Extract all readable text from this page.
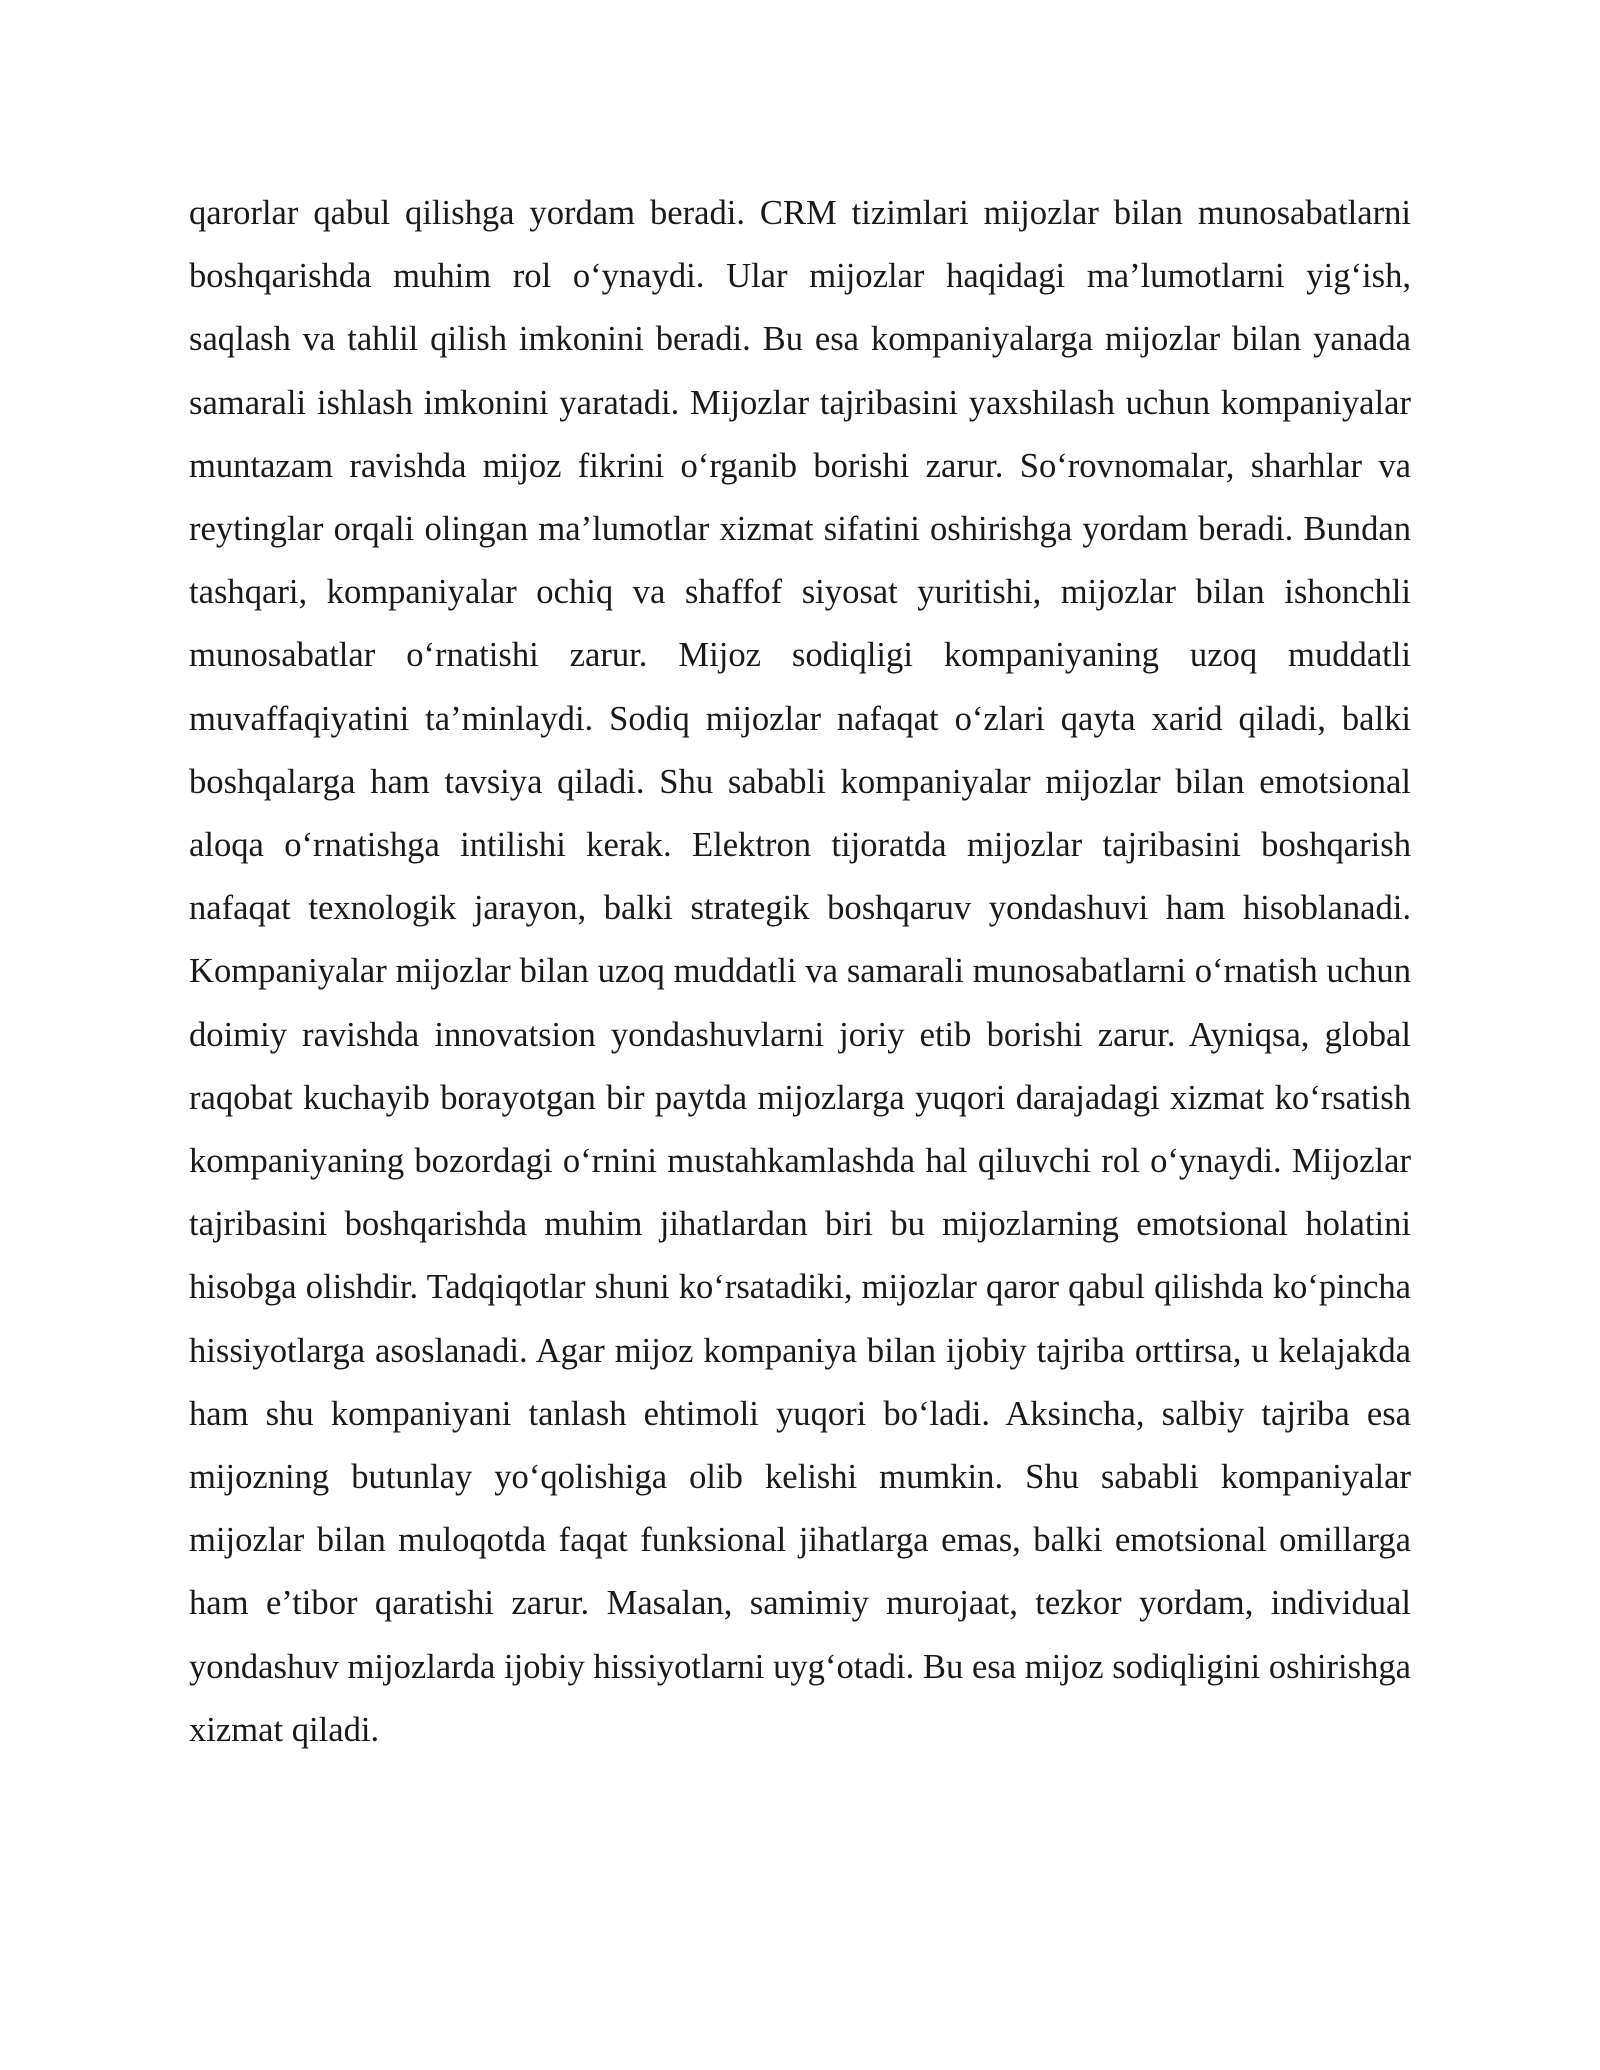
qarorlar qabul qilishga yordam beradi. CRM tizimlari mijozlar bilan munosabatlarni boshqarishda muhim rol o‘ynaydi. Ular mijozlar haqidagi ma’lumotlarni yig‘ish, saqlash va tahlil qilish imkonini beradi. Bu esa kompaniyalarga mijozlar bilan yanada samarali ishlash imkonini yaratadi. Mijozlar tajribasini yaxshilash uchun kompaniyalar muntazam ravishda mijoz fikrini o‘rganib borishi zarur. So‘rovnomalar, sharhlar va reytinglar orqali olingan ma’lumotlar xizmat sifatini oshirishga yordam beradi. Bundan tashqari, kompaniyalar ochiq va shaffof siyosat yuritishi, mijozlar bilan ishonchli munosabatlar o‘rnatishi zarur. Mijoz sodiqligi kompaniyaning uzoq muddatli muvaffaqiyatini ta’minlaydi. Sodiq mijozlar nafaqat o‘zlari qayta xarid qiladi, balki boshqalarga ham tavsiya qiladi. Shu sababli kompaniyalar mijozlar bilan emotsional aloqa o‘rnatishga intilishi kerak. Elektron tijoratda mijozlar tajribasini boshqarish nafaqat texnologik jarayon, balki strategik boshqaruv yondashuvi ham hisoblanadi. Kompaniyalar mijozlar bilan uzoq muddatli va samarali munosabatlarni o‘rnatish uchun doimiy ravishda innovatsion yondashuvlarni joriy etib borishi zarur. Ayniqsa, global raqobat kuchayib borayotgan bir paytda mijozlarga yuqori darajadagi xizmat ko‘rsatish kompaniyaning bozordagi o‘rnini mustahkamlashda hal qiluvchi rol o‘ynaydi. Mijozlar tajribasini boshqarishda muhim jihatlardan biri bu mijozlarning emotsional holatini hisobga olishdir. Tadqiqotlar shuni ko‘rsatadiki, mijozlar qaror qabul qilishda ko‘pincha hissiyotlarga asoslanadi. Agar mijoz kompaniya bilan ijobiy tajriba orttirsa, u kelajakda ham shu kompaniyani tanlash ehtimoli yuqori bo‘ladi. Aksincha, salbiy tajriba esa mijozning butunlay yo‘qolishiga olib kelishi mumkin. Shu sababli kompaniyalar mijozlar bilan muloqotda faqat funksional jihatlarga emas, balki emotsional omillarga ham e’tibor qaratishi zarur. Masalan, samimiy murojaat, tezkor yordam, individual yondashuv mijozlarda ijobiy hissiyotlarni uyg‘otadi. Bu esa mijoz sodiqligini oshirishga xizmat qiladi.
